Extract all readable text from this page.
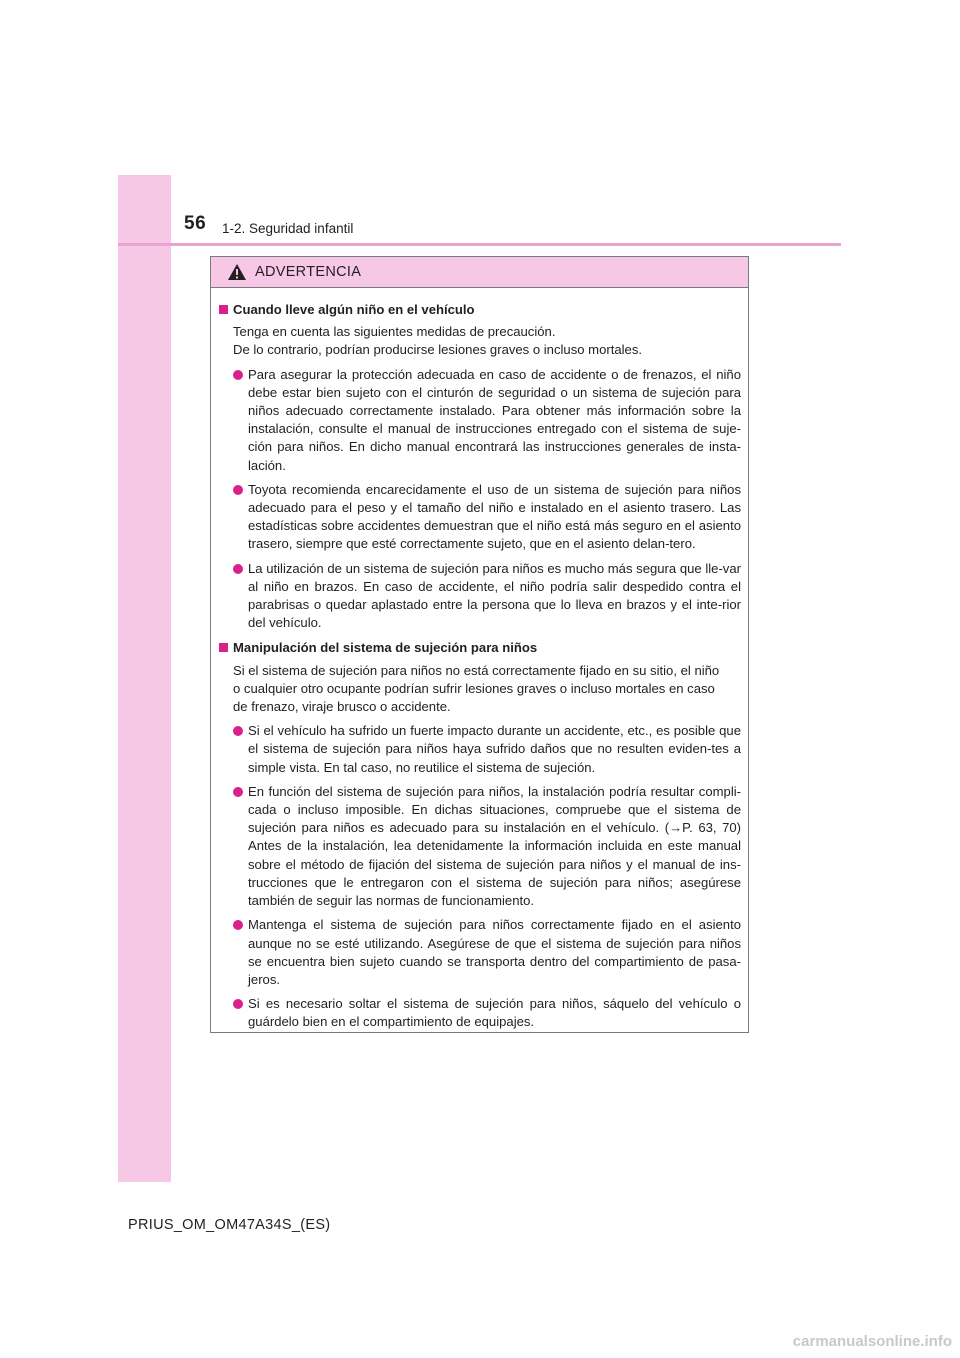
56 1-2. Seguridad infantil
ADVERTENCIA
Cuando lleve algún niño en el vehículo
Tenga en cuenta las siguientes medidas de precaución.
De lo contrario, podrían producirse lesiones graves o incluso mortales.
Para asegurar la protección adecuada en caso de accidente o de frenazos, el niño debe estar bien sujeto con el cinturón de seguridad o un sistema de sujeción para niños adecuado correctamente instalado. Para obtener más información sobre la instalación, consulte el manual de instrucciones entregado con el sistema de suje-ción para niños. En dicho manual encontrará las instrucciones generales de insta-lación.
Toyota recomienda encarecidamente el uso de un sistema de sujeción para niños adecuado para el peso y el tamaño del niño e instalado en el asiento trasero. Las estadísticas sobre accidentes demuestran que el niño está más seguro en el asiento trasero, siempre que esté correctamente sujeto, que en el asiento delan-tero.
La utilización de un sistema de sujeción para niños es mucho más segura que lle-var al niño en brazos. En caso de accidente, el niño podría salir despedido contra el parabrisas o quedar aplastado entre la persona que lo lleva en brazos y el inte-rior del vehículo.
Manipulación del sistema de sujeción para niños
Si el sistema de sujeción para niños no está correctamente fijado en su sitio, el niño
o cualquier otro ocupante podrían sufrir lesiones graves o incluso mortales en caso
de frenazo, viraje brusco o accidente.
Si el vehículo ha sufrido un fuerte impacto durante un accidente, etc., es posible que el sistema de sujeción para niños haya sufrido daños que no resulten eviden-tes a simple vista. En tal caso, no reutilice el sistema de sujeción.
En función del sistema de sujeción para niños, la instalación podría resultar compli-cada o incluso imposible. En dichas situaciones, compruebe que el sistema de sujeción para niños es adecuado para su instalación en el vehículo. (→P. 63, 70) Antes de la instalación, lea detenidamente la información incluida en este manual sobre el método de fijación del sistema de sujeción para niños y el manual de ins-trucciones que le entregaron con el sistema de sujeción para niños; asegúrese también de seguir las normas de funcionamiento.
Mantenga el sistema de sujeción para niños correctamente fijado en el asiento aunque no se esté utilizando. Asegúrese de que el sistema de sujeción para niños se encuentra bien sujeto cuando se transporta dentro del compartimiento de pasa-jeros.
Si es necesario soltar el sistema de sujeción para niños, sáquelo del vehículo o guárdelo bien en el compartimiento de equipajes.
PRIUS_OM_OM47A34S_(ES)
carmanualsonline.info
